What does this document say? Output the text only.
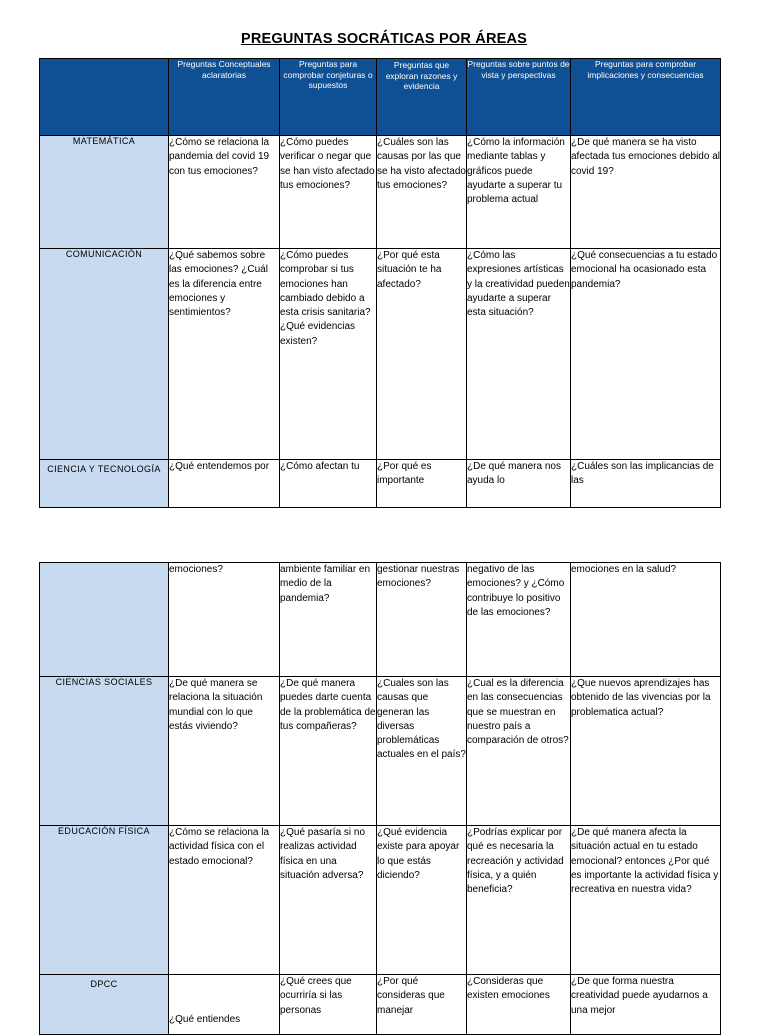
PREGUNTAS SOCRÁTICAS POR ÁREAS
	Preguntas Conceptuales aclaratorias	Preguntas para comprobar conjeturas o supuestos	Preguntas que exploran razones y evidencia	Preguntas sobre puntos de vista y perspectivas	Preguntas para comprobar implicaciones y consecuencias
MATEMÁTICA	¿Cómo se relaciona la pandemia del covid 19 con tus emociones?	¿Cómo puedes verificar o negar que se han visto afectado tus emociones?	¿Cuáles son las causas por las que se ha visto afectado tus emociones?	¿Cómo la información mediante tablas y gráficos puede ayudarte a superar tu problema actual	¿De qué manera se ha visto afectada tus emociones debido al covid 19?
COMUNICACIÓN	¿Qué sabemos sobre las emociones? ¿Cuál es la diferencia entre emociones y sentimientos?	¿Cómo puedes comprobar si tus emociones han cambiado debido a esta crisis sanitaria? ¿Qué evidencias existen?	¿Por qué esta situación te ha afectado?	¿Cómo las expresiones artísticas y la creatividad pueden ayudarte a superar esta situación?	¿Qué consecuencias a tu estado emocional ha ocasionado esta pandemia?
CIENCIA Y TECNOLOGÍA	¿Qué entendemos por	¿Cómo afectan tu	¿Por qué es importante	¿De qué manera nos ayuda lo	¿Cuáles son las implicancias de las
	emociones?	ambiente familiar en medio de la pandemia?	gestionar nuestras emociones?	negativo de las emociones? y ¿Cómo contribuye lo positivo de las emociones?	emociones en la salud?
CIENCIAS SOCIALES	¿De qué manera se relaciona la situación mundial con lo que estás viviendo?	¿De qué manera puedes darte cuenta de la problemática de tus compañeras?	¿Cuales son las causas que generan las diversas problemáticas actuales en el país?	¿Cual es la diferencia en las consecuencias que se muestran en nuestro país a comparación de otros?	¿Que nuevos aprendizajes has obtenido de las vivencias por la problematica actual?
EDUCACIÓN FÍSICA	¿Cómo se relaciona la actividad física con el estado emocional?	¿Qué pasaría si no realizas actividad física en una situación adversa?	¿Qué evidencia existe para apoyar lo que estás diciendo?	¿Podrías explicar por qué es necesaria la recreación y actividad física, y a quién beneficia?	¿De qué manera afecta la situación actual en tu estado emocional? entonces ¿Por qué es importante la actividad física y recreativa en nuestra vida?
DPCC	¿Qué entiendes	¿Qué crees que ocurriría si las personas	¿Por qué consideras que manejar	¿Consideras que existen emociones	¿De que forma nuestra creatividad puede ayudarnos a una mejor
